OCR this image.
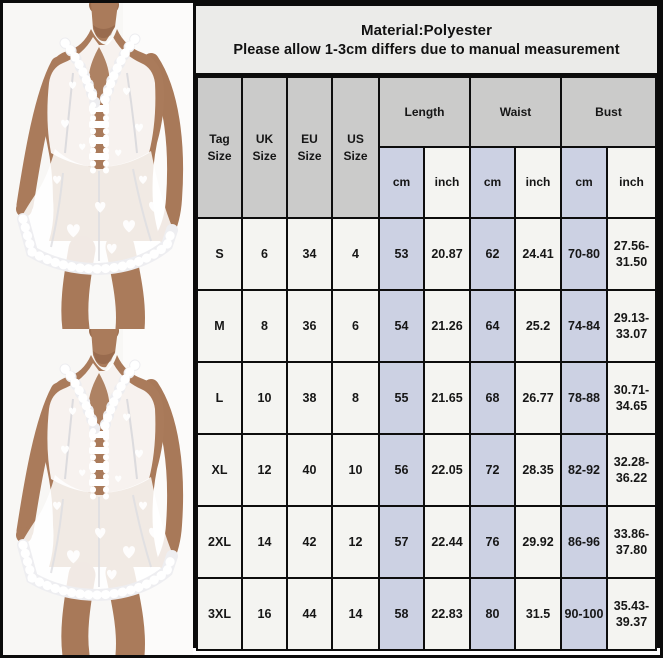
Material:Polyester
Please allow 1-3cm differs due to manual measurement
Tag Size	UK Size	EU Size	US Size	Length		Waist		Bust	
				cm	inch	cm	inch	cm	inch
S	6	34	4	53	20.87	62	24.41	70-80	27.56-31.50
M	8	36	6	54	21.26	64	25.2	74-84	29.13-33.07
L	10	38	8	55	21.65	68	26.77	78-88	30.71-34.65
XL	12	40	10	56	22.05	72	28.35	82-92	32.28-36.22
2XL	14	42	12	57	22.44	76	29.92	86-96	33.86-37.80
3XL	16	44	14	58	22.83	80	31.5	90-100	35.43-39.37
